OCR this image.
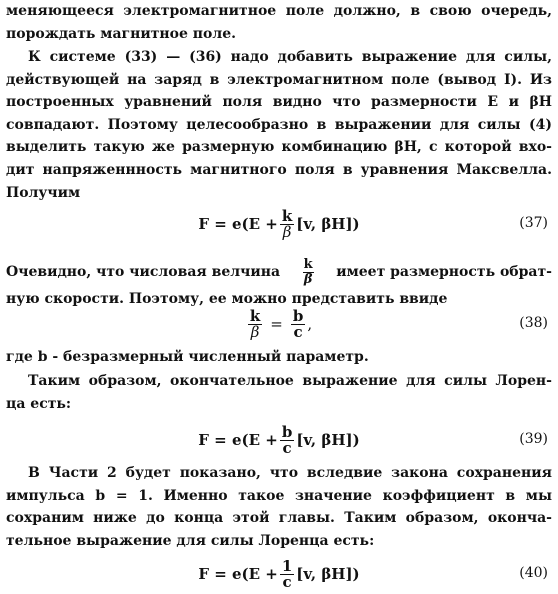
меняющееся электромагнитное поле должно, в свою очередь,
порождать магнитное поле.
К системе (33) — (36) надо добавить выражение для силы,
действующей на заряд в электромагнитном поле (вывод I). Из
построенных уравнений поля видно что размерности E и βH
совпадают. Поэтому целесообразно в выражении для силы (4)
выделить такую же размерную комбинацию βH, с которой вхо-
дит напряженнность магнитного поля в уравнения Максвелла.
Получим
$F = e(E + \frac{k}{\beta} [v$, βH])	(37)
Очевидно, что числовая велчина $\frac{k}{\beta}$ имеет размерность обрат-
ную скорости. Поэтому, ее можно представить ввиде
$\frac{k}{\beta} = \frac{b}{c}$ ,	(38)
где b - безразмерный численный параметр.
Таким образом, окончательное выражение для силы Лорен-
ца есть:
$F = e(E + \frac{b}{c} [v$, βH])	(39)
В Части 2 будет показано, что вследвие закона сохранения
импульса b = 1. Именно такое значение коэффициент в мы
сохраним ниже до конца этой главы. Таким образом, оконча-
тельное выражение для силы Лоренца есть:
$F = e(E + \frac{1}{c} [v$, βH])	(40)
